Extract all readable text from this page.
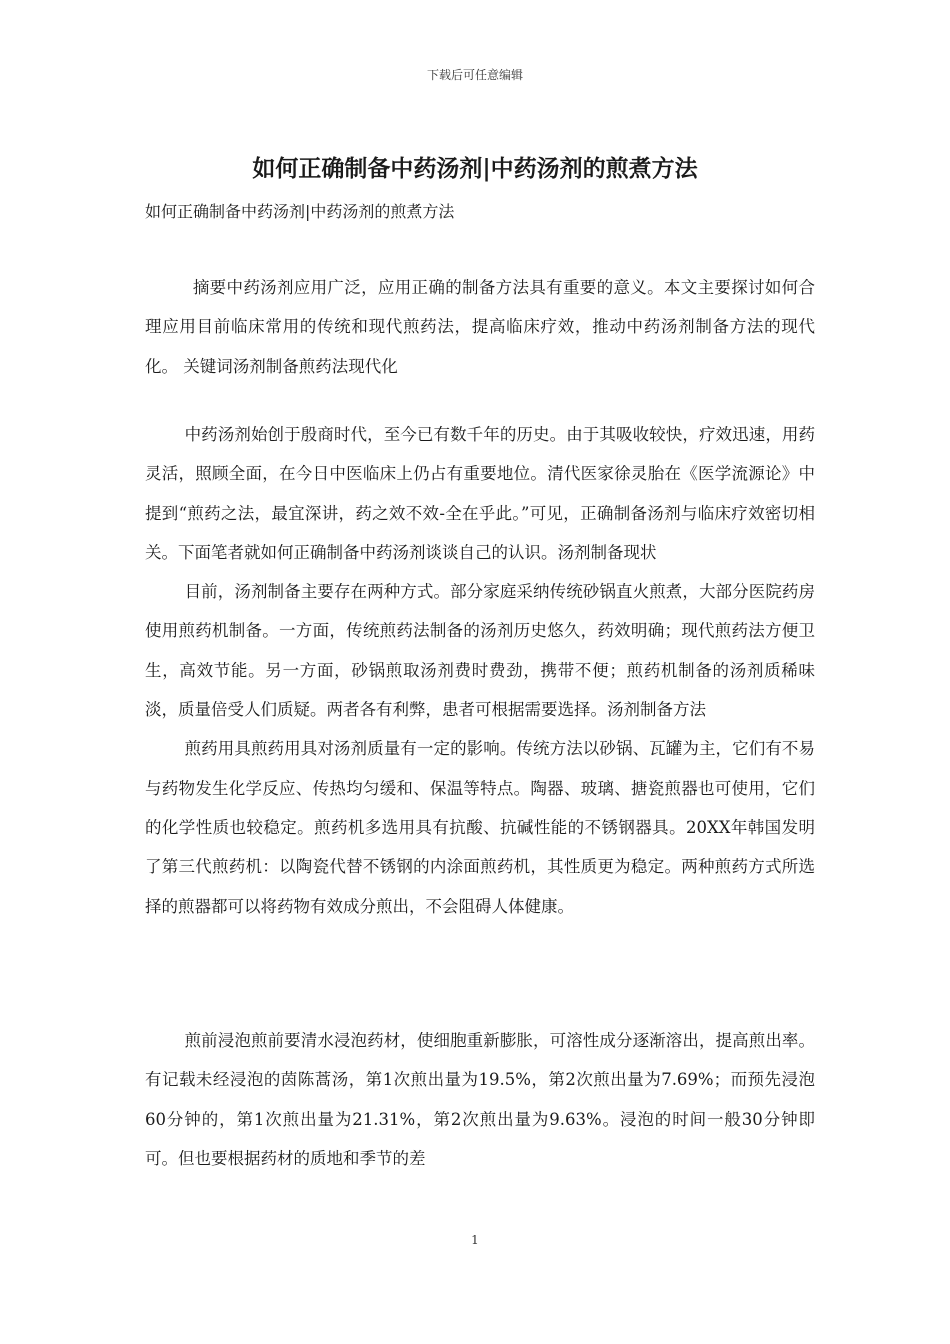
下载后可任意编辑
如何正确制备中药汤剂|中药汤剂的煎煮方法

如何正确制备中药汤剂|中药汤剂的煎煮方法

摘要中药汤剂应用广泛，应用正确的制备方法具有重要的意义。本文主要探讨如何合理应用目前临床常用的传统和现代煎药法，提高临床疗效，推动中药汤剂制备方法的现代化。 关键词汤剂制备煎药法现代化

中药汤剂始创于殷商时代，至今已有数千年的历史。由于其吸收较快，疗效迅速，用药灵活，照顾全面，在今日中医临床上仍占有重要地位。清代医家徐灵胎在《医学流源论》中提到“煎药之法，最宜深讲，药之效不效-全在乎此。”可见，正确制备汤剂与临床疗效密切相关。下面笔者就如何正确制备中药汤剂谈谈自己的认识。汤剂制备现状

目前，汤剂制备主要存在两种方式。部分家庭采纳传统砂锅直火煎煮，大部分医院药房使用煎药机制备。一方面，传统煎药法制备的汤剂历史悠久，药效明确；现代煎药法方便卫生，高效节能。另一方面，砂锅煎取汤剂费时费劲，携带不便；煎药机制备的汤剂质稀味淡，质量倍受人们质疑。两者各有利弊，患者可根据需要选择。汤剂制备方法

煎药用具煎药用具对汤剂质量有一定的影响。传统方法以砂锅、瓦罐为主，它们有不易与药物发生化学反应、传热均匀缓和、保温等特点。陶器、玻璃、搪瓷煎器也可使用，它们的化学性质也较稳定。煎药机多选用具有抗酸、抗碱性能的不锈钢器具。20XX年韩国发明了第三代煎药机：以陶瓷代替不锈钢的内涂面煎药机，其性质更为稳定。两种煎药方式所选择的煎器都可以将药物有效成分煎出，不会阻碍人体健康。

煎前浸泡煎前要清水浸泡药材，使细胞重新膨胀，可溶性成分逐渐溶出，提高煎出率。有记载未经浸泡的茵陈蒿汤，第1次煎出量为19.5%，第2次煎出量为7.69%；而预先浸泡60分钟的，第1次煎出量为21.31%，第2次煎出量为9.63%。浸泡的时间一般30分钟即可。但也要根据药材的质地和季节的差

1
